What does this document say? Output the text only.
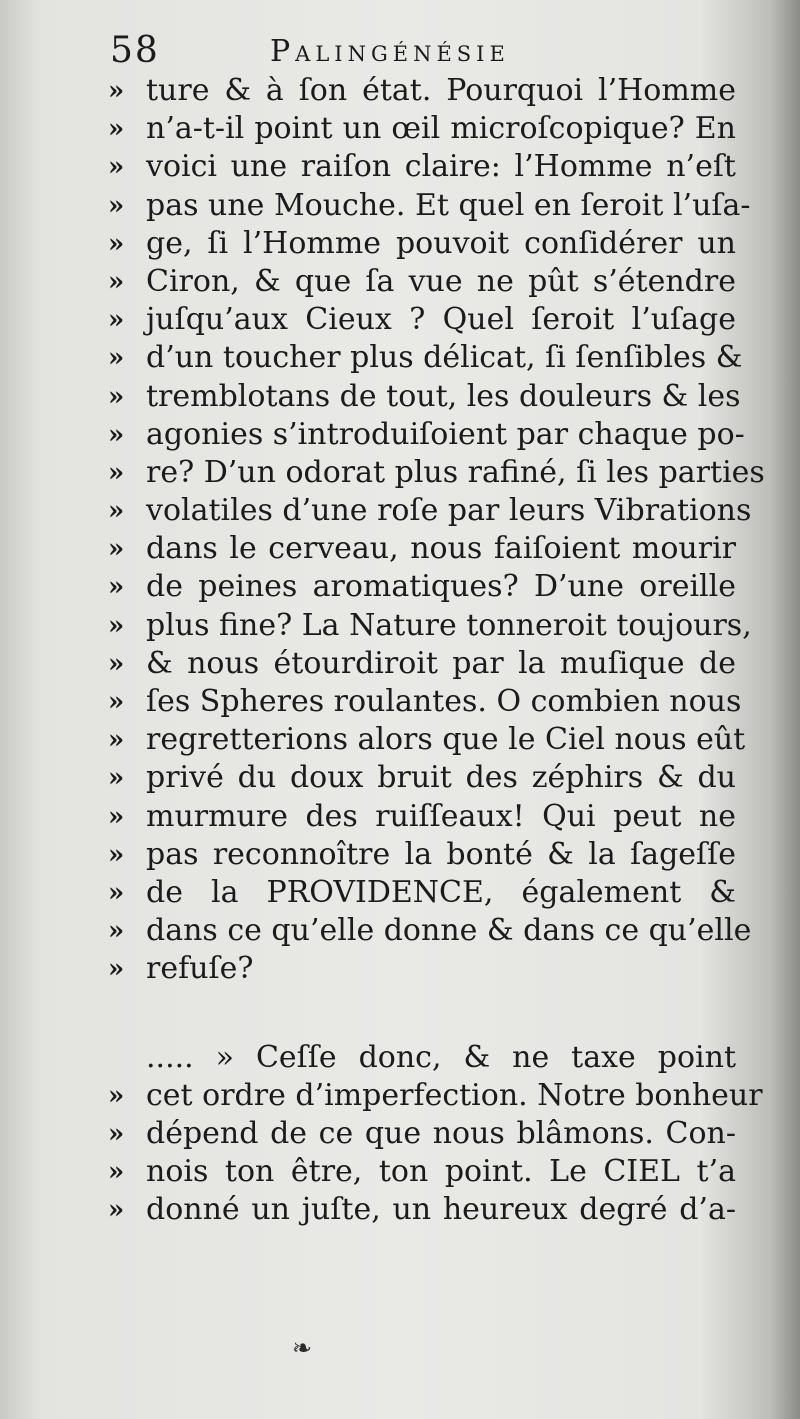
58	Palingénésie
» ture & à ſon état. Pourquoi l’Homme
» n’a-t-il point un œil microſcopique? En
» voici une raiſon claire: l’Homme n’eſt
» pas une Mouche. Et quel en ſeroit l’uſa-
» ge, ſi l’Homme pouvoit conſidérer un
» Ciron, & que ſa vue ne pût s’étendre
» juſqu’aux Cieux ? Quel ſeroit l’uſage
» d’un toucher plus délicat, ſi ſenſibles &
» tremblotans de tout, les douleurs & les
» agonies s’introduiſoient par chaque po-
» re? D’un odorat plus rafiné, ſi les parties
» volatiles d’une roſe par leurs Vibrations
» dans le cerveau, nous faiſoient mourir
» de peines aromatiques? D’une oreille
» plus fine? La Nature tonneroit toujours,
» & nous étourdiroit par la muſique de
» ſes Spheres roulantes. O combien nous
» regretterions alors que le Ciel nous eût
» privé du doux bruit des zéphirs & du
» murmure des ruiſſeaux! Qui peut ne
» pas reconnoître la bonté & la ſageſſe
» de la PROVIDENCE, également &
» dans ce qu’elle donne & dans ce qu’elle
» refuſe?
..... » Ceſſe donc, & ne taxe point
» cet ordre d’imperfection. Notre bonheur
» dépend de ce que nous blâmons. Con-
» nois ton être, ton point. Le CIEL t’a
» donné un juſte, un heureux degré d’a-
❧
